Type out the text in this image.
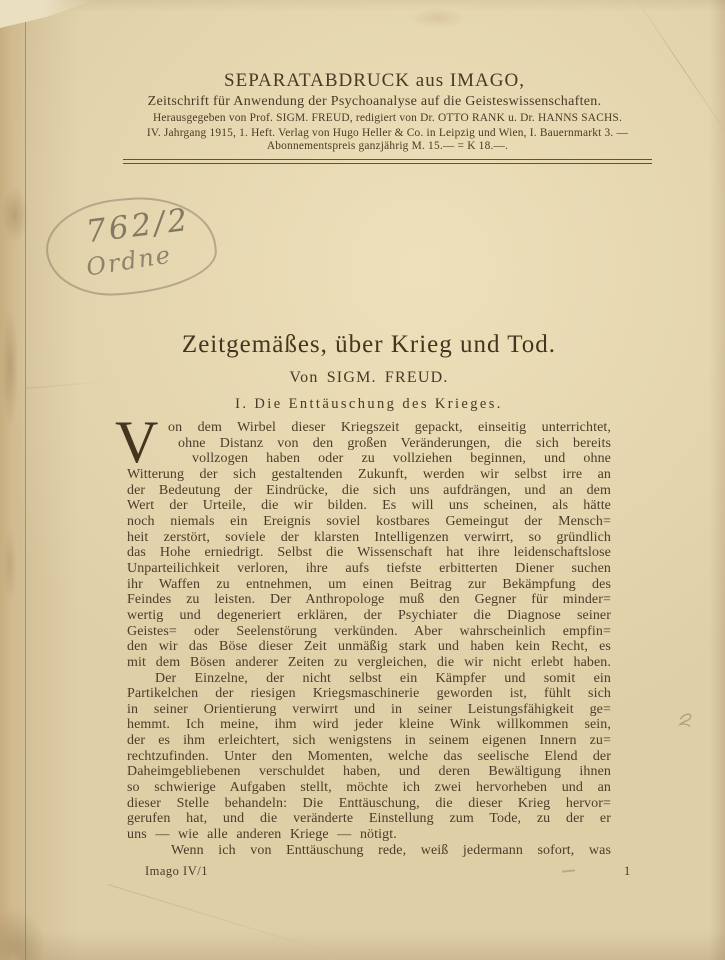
SEPARATABDRUCK aus IMAGO,
Zeitschrift für Anwendung der Psychoanalyse auf die Geisteswissenschaften.
Herausgegeben von Prof. SIGM. FREUD, redigiert von Dr. OTTO RANK u. Dr. HANNS SACHS.
IV. Jahrgang 1915, 1. Heft. Verlag von Hugo Heller & Co. in Leipzig und Wien, I. Bauernmarkt 3. —
Abonnementspreis ganzjährig M. 15.— = K 18.—.
762/2
Ordne
Zeitgemäßes, über Krieg und Tod.
Von SIGM. FREUD.
I. Die Enttäuschung des Krieges.
V on dem Wirbel dieser Kriegszeit gepackt, einseitig unterrichtet,
ohne Distanz von den großen Veränderungen, die sich bereits
vollzogen haben oder zu vollziehen beginnen, und ohne
Witterung der sich gestaltenden Zukunft, werden wir selbst irre an
der Bedeutung der Eindrücke, die sich uns aufdrängen, und an dem
Wert der Urteile, die wir bilden. Es will uns scheinen, als hätte
noch niemals ein Ereignis soviel kostbares Gemeingut der Mensch=
heit zerstört, soviele der klarsten Intelligenzen verwirrt, so gründlich
das Hohe erniedrigt. Selbst die Wissenschaft hat ihre leidenschaftslose
Unparteilichkeit verloren, ihre aufs tiefste erbitterten Diener suchen
ihr Waffen zu entnehmen, um einen Beitrag zur Bekämpfung des
Feindes zu leisten. Der Anthropologe muß den Gegner für minder=
wertig und degeneriert erklären, der Psychiater die Diagnose seiner
Geistes= oder Seelenstörung verkünden. Aber wahrscheinlich empfin=
den wir das Böse dieser Zeit unmäßig stark und haben kein Recht, es
mit dem Bösen anderer Zeiten zu vergleichen, die wir nicht erlebt haben.
Der Einzelne, der nicht selbst ein Kämpfer und somit ein
Partikelchen der riesigen Kriegsmaschinerie geworden ist, fühlt sich
in seiner Orientierung verwirrt und in seiner Leistungsfähigkeit ge=
hemmt. Ich meine, ihm wird jeder kleine Wink willkommen sein,
der es ihm erleichtert, sich wenigstens in seinem eigenen Innern zu=
rechtzufinden. Unter den Momenten, welche das seelische Elend der
Daheimgebliebenen verschuldet haben, und deren Bewältigung ihnen
so schwierige Aufgaben stellt, möchte ich zwei hervorheben und an
dieser Stelle behandeln: Die Enttäuschung, die dieser Krieg hervor=
gerufen hat, und die veränderte Einstellung zum Tode, zu der er
uns — wie alle anderen Kriege — nötigt.
Wenn ich von Enttäuschung rede, weiß jedermann sofort, was
Imago IV/1	1
